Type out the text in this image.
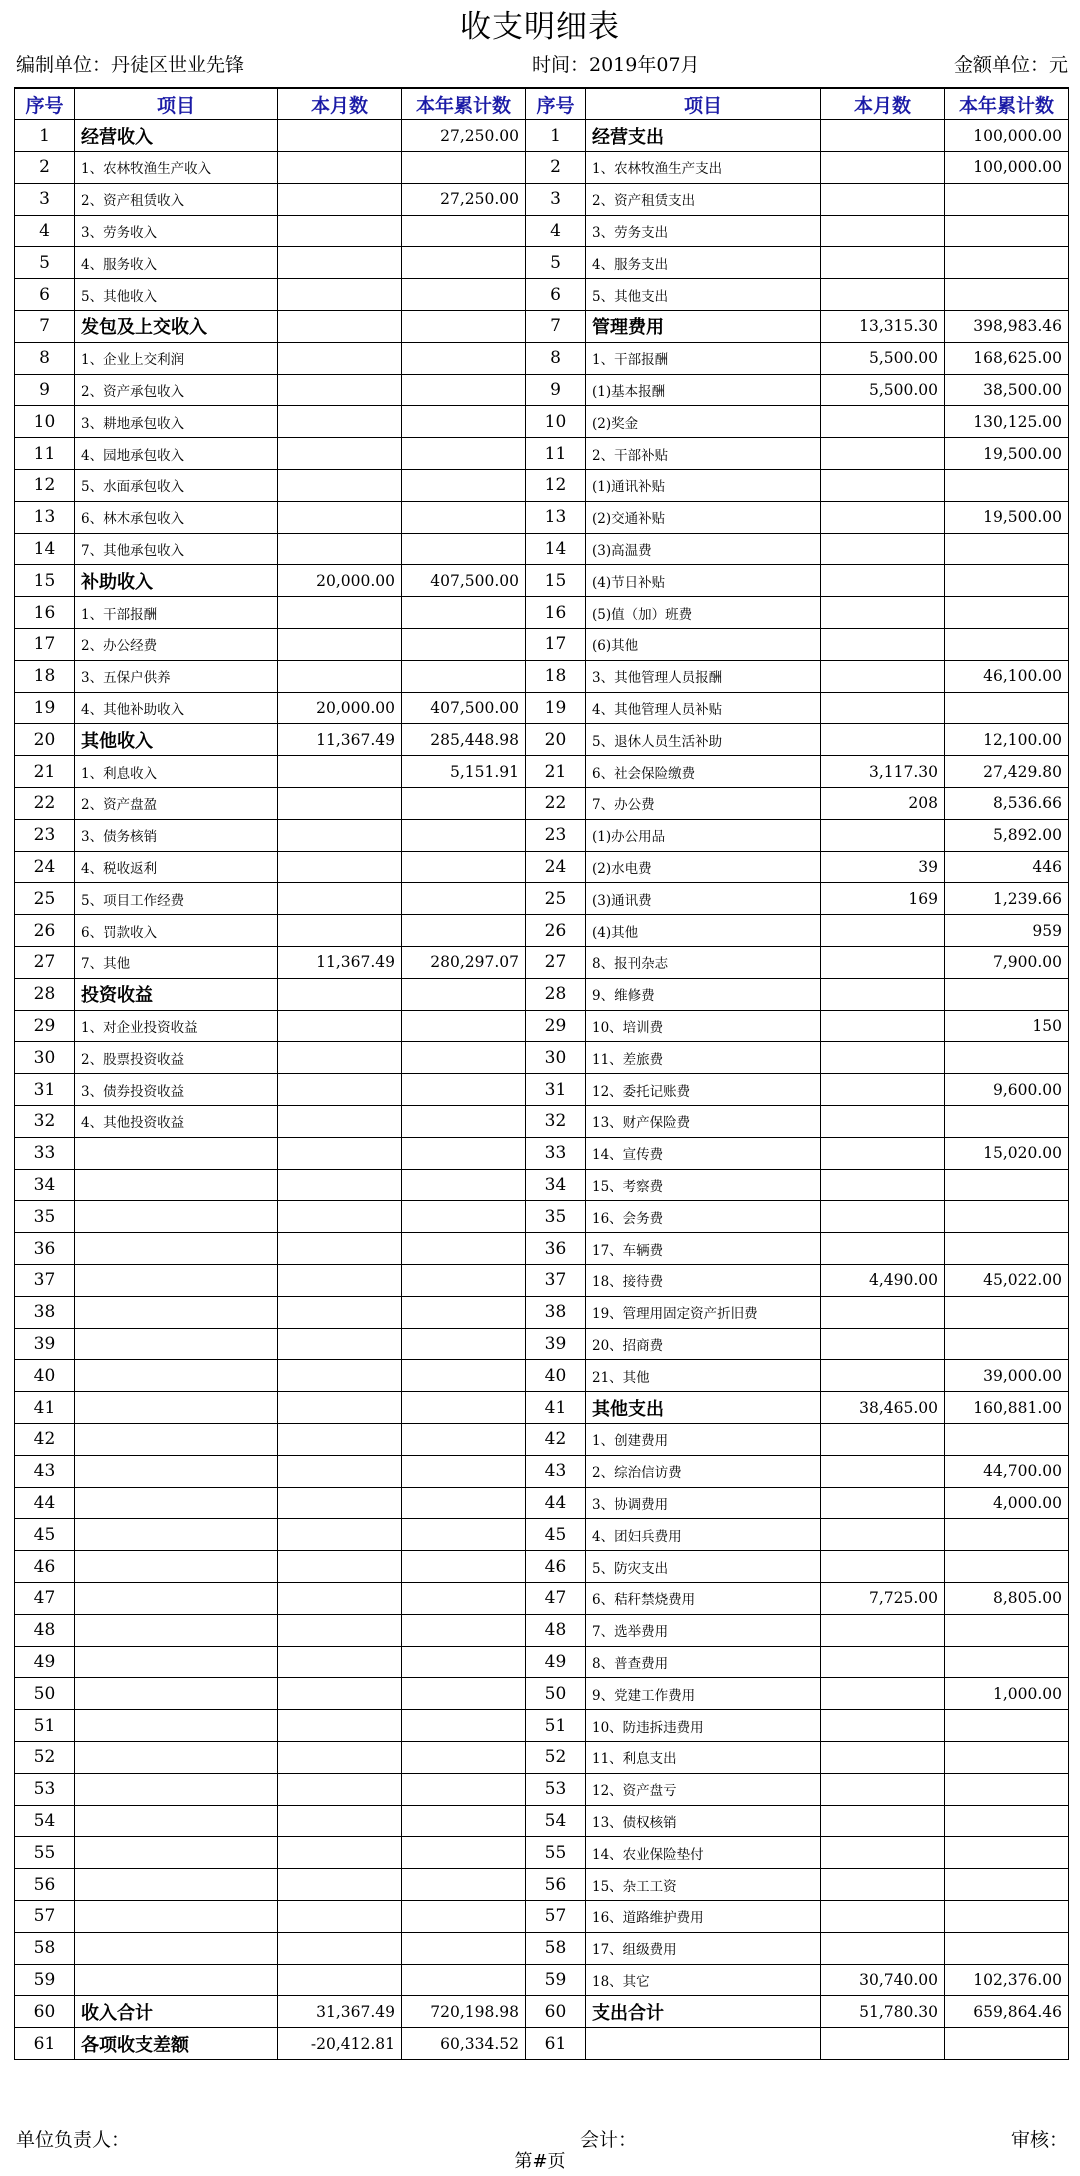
收支明细表
编制单位：丹徒区世业先锋	时间：2019年07月	金额单位：元
序号	项目	本月数	本年累计数	序号	项目	本月数	本年累计数
1	经营收入		27,250.00	1	经营支出		100,000.00
2	1、农林牧渔生产收入			2	1、农林牧渔生产支出		100,000.00
3	2、资产租赁收入		27,250.00	3	2、资产租赁支出		
4	3、劳务收入			4	3、劳务支出		
5	4、服务收入			5	4、服务支出		
6	5、其他收入			6	5、其他支出		
7	发包及上交收入			7	管理费用	13,315.30	398,983.46
8	1、企业上交利润			8	1、干部报酬	5,500.00	168,625.00
9	2、资产承包收入			9	(1)基本报酬	5,500.00	38,500.00
10	3、耕地承包收入			10	(2)奖金		130,125.00
11	4、园地承包收入			11	2、干部补贴		19,500.00
12	5、水面承包收入			12	(1)通讯补贴		
13	6、林木承包收入			13	(2)交通补贴		19,500.00
14	7、其他承包收入			14	(3)高温费		
15	补助收入	20,000.00	407,500.00	15	(4)节日补贴		
16	1、干部报酬			16	(5)值（加）班费		
17	2、办公经费			17	(6)其他		
18	3、五保户供养			18	3、其他管理人员报酬		46,100.00
19	4、其他补助收入	20,000.00	407,500.00	19	4、其他管理人员补贴		
20	其他收入	11,367.49	285,448.98	20	5、退休人员生活补助		12,100.00
21	1、利息收入		5,151.91	21	6、社会保险缴费	3,117.30	27,429.80
22	2、资产盘盈			22	7、办公费	208	8,536.66
23	3、债务核销			23	(1)办公用品		5,892.00
24	4、税收返利			24	(2)水电费	39	446
25	5、项目工作经费			25	(3)通讯费	169	1,239.66
26	6、罚款收入			26	(4)其他		959
27	7、其他	11,367.49	280,297.07	27	8、报刊杂志		7,900.00
28	投资收益			28	9、维修费		
29	1、对企业投资收益			29	10、培训费		150
30	2、股票投资收益			30	11、差旅费		
31	3、债券投资收益			31	12、委托记账费		9,600.00
32	4、其他投资收益			32	13、财产保险费		
33				33	14、宣传费		15,020.00
34				34	15、考察费		
35				35	16、会务费		
36				36	17、车辆费		
37				37	18、接待费	4,490.00	45,022.00
38				38	19、管理用固定资产折旧费		
39				39	20、招商费		
40				40	21、其他		39,000.00
41				41	其他支出	38,465.00	160,881.00
42				42	1、创建费用		
43				43	2、综治信访费		44,700.00
44				44	3、协调费用		4,000.00
45				45	4、团妇兵费用		
46				46	5、防灾支出		
47				47	6、秸秆禁烧费用	7,725.00	8,805.00
48				48	7、选举费用		
49				49	8、普查费用		
50				50	9、党建工作费用		1,000.00
51				51	10、防违拆违费用		
52				52	11、利息支出		
53				53	12、资产盘亏		
54				54	13、债权核销		
55				55	14、农业保险垫付		
56				56	15、杂工工资		
57				57	16、道路维护费用		
58				58	17、组级费用		
59				59	18、其它	30,740.00	102,376.00
60	收入合计	31,367.49	720,198.98	60	支出合计	51,780.30	659,864.46
61	各项收支差额	-20,412.81	60,334.52	61			
单位负责人：	会计：	审核：
第#页
